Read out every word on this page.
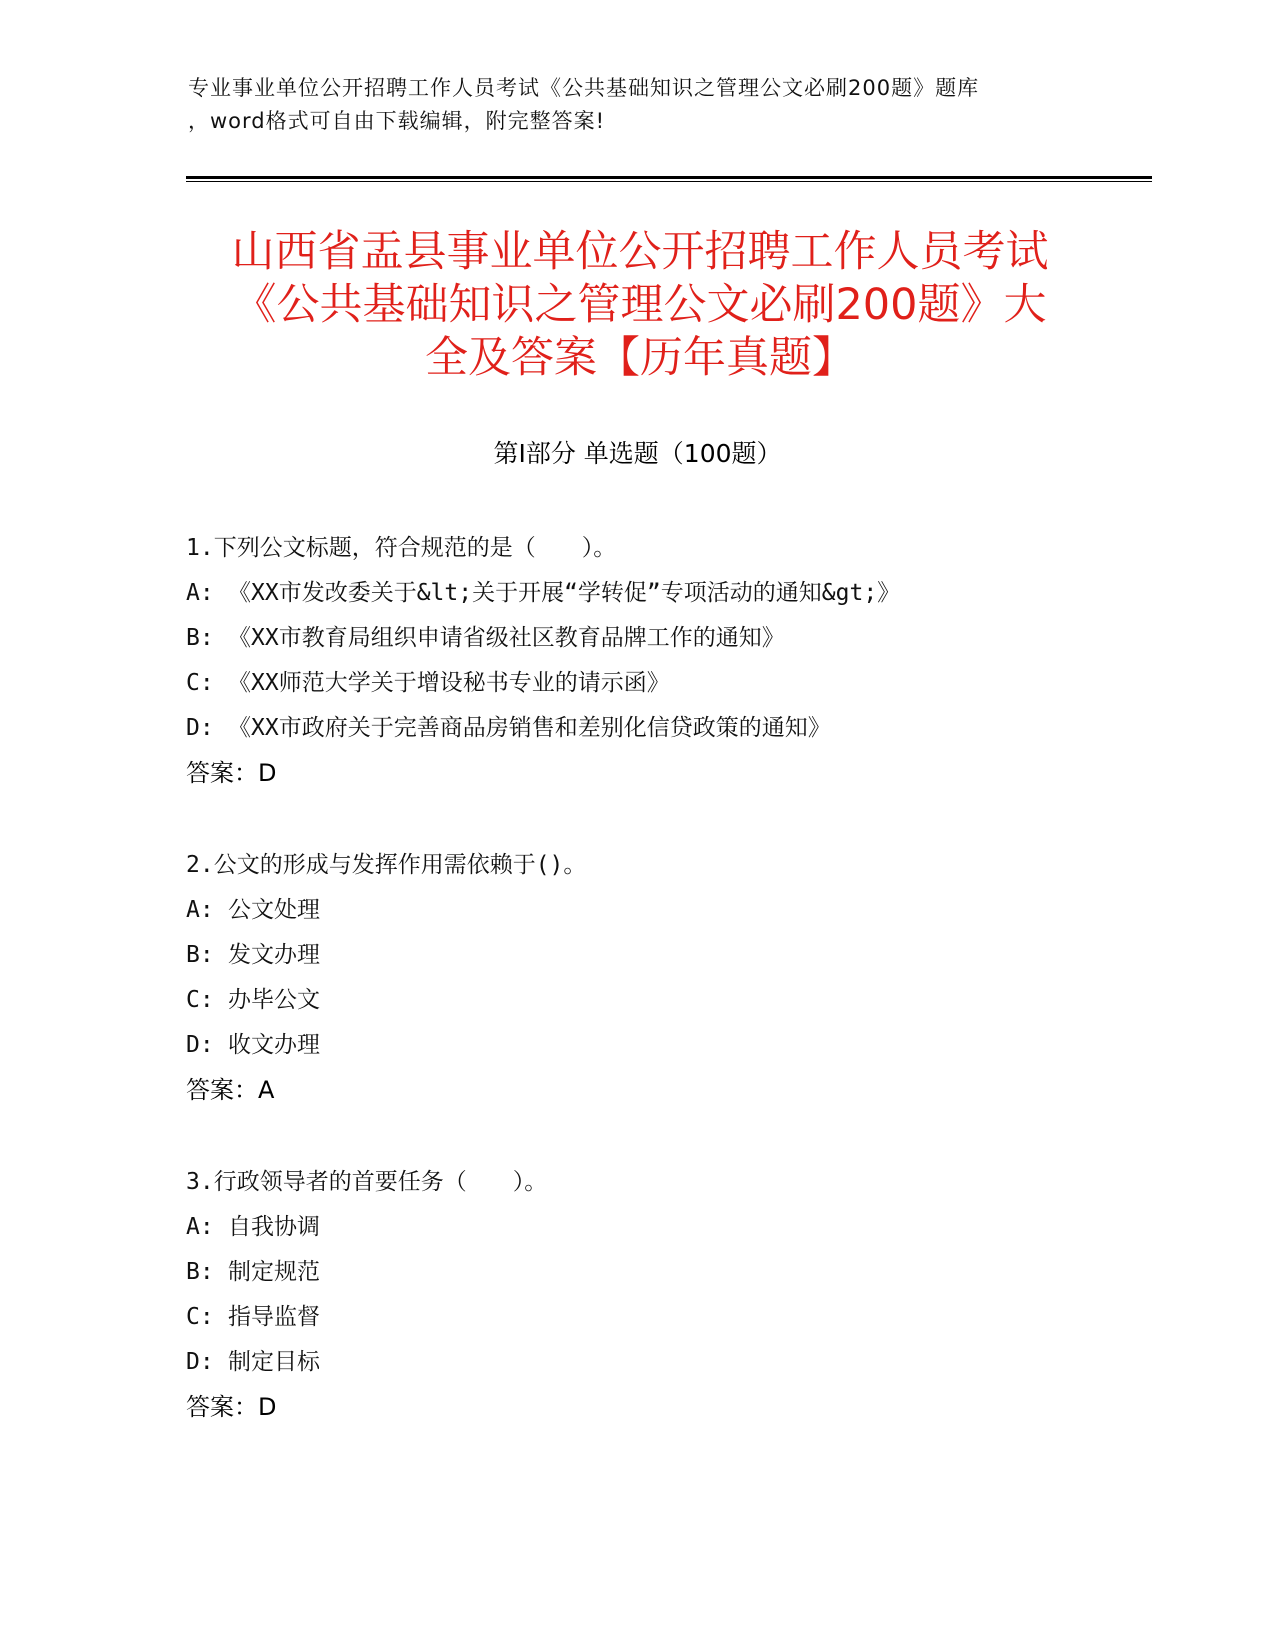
专业事业单位公开招聘工作人员考试《公共基础知识之管理公文必刷200题》题库
，word格式可自由下载编辑，附完整答案!
山西省盂县事业单位公开招聘工作人员考试
《公共基础知识之管理公文必刷200题》大
全及答案【历年真题】
第Ⅰ部分 单选题（100题）
1.下列公文标题，符合规范的是（　　）。
A: 《XX市发改委关于&lt;关于开展“学转促”专项活动的通知&gt;》
B: 《XX市教育局组织申请省级社区教育品牌工作的通知》
C: 《XX师范大学关于增设秘书专业的请示函》
D: 《XX市政府关于完善商品房销售和差别化信贷政策的通知》
答案：D
2.公文的形成与发挥作用需依赖于()。
A: 公文处理
B: 发文办理
C: 办毕公文
D: 收文办理
答案：A
3.行政领导者的首要任务（　　）。
A: 自我协调
B: 制定规范
C: 指导监督
D: 制定目标
答案：D
